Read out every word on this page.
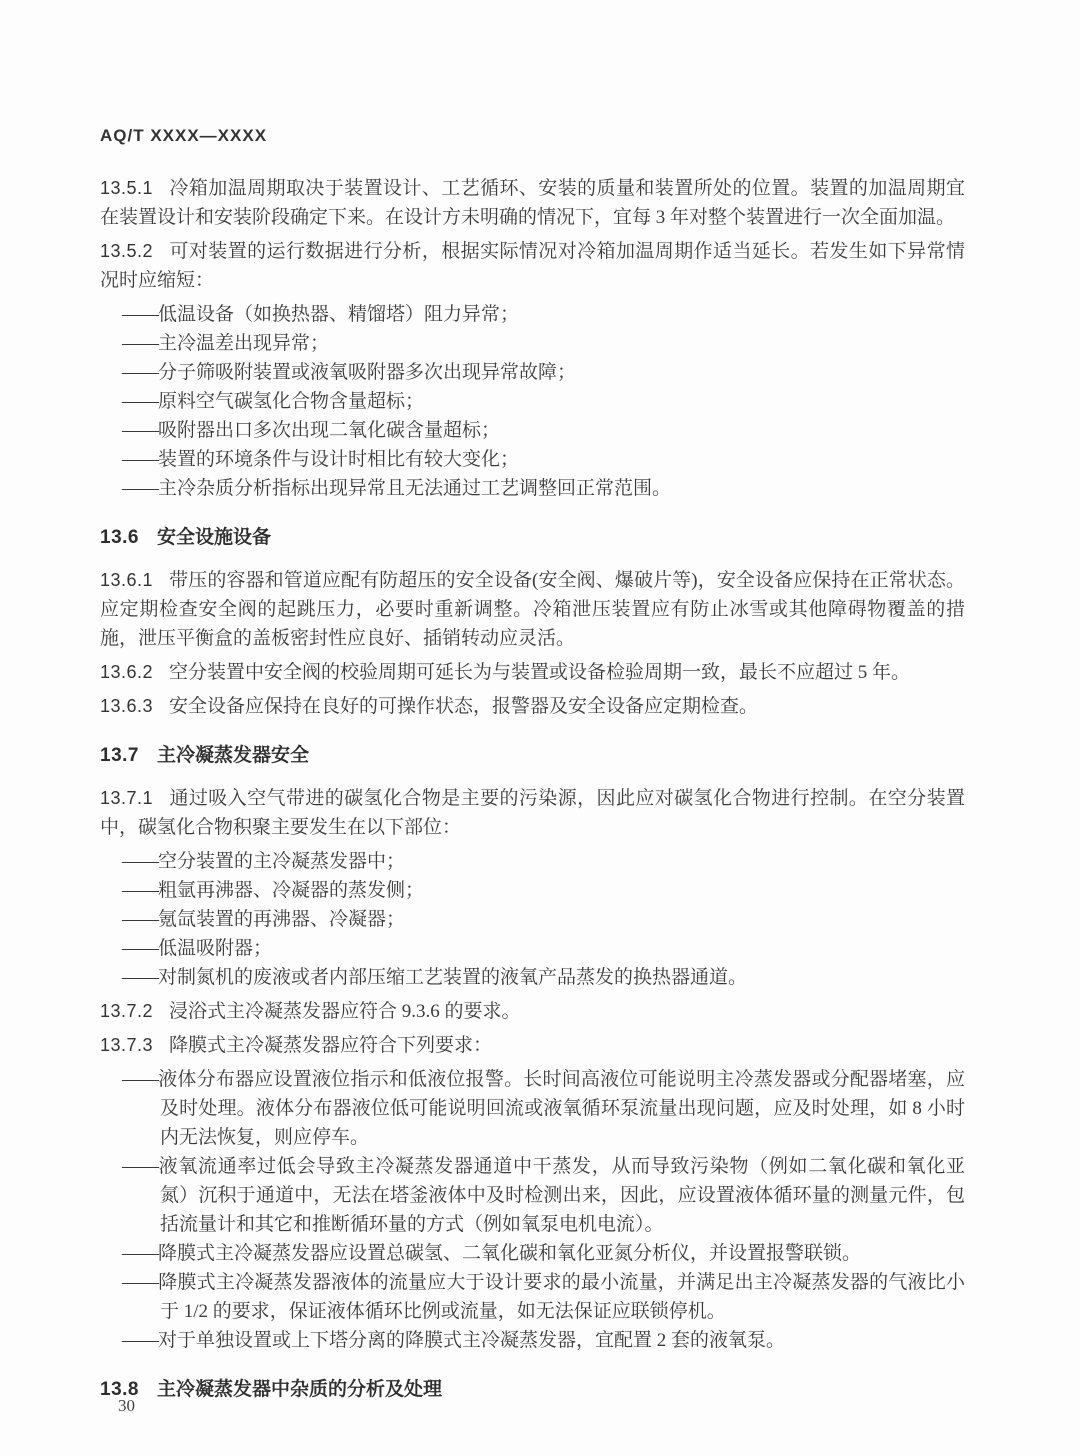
AQ/T XXXX—XXXX

13.5.1 冷箱加温周期取决于装置设计、工艺循环、安装的质量和装置所处的位置。装置的加温周期宜在装置设计和安装阶段确定下来。在设计方未明确的情况下，宜每 3 年对整个装置进行一次全面加温。

13.5.2 可对装置的运行数据进行分析，根据实际情况对冷箱加温周期作适当延长。若发生如下异常情况时应缩短：

——低温设备（如换热器、精馏塔）阻力异常；
——主冷温差出现异常；
——分子筛吸附装置或液氧吸附器多次出现异常故障；
——原料空气碳氢化合物含量超标；
——吸附器出口多次出现二氧化碳含量超标；
——装置的环境条件与设计时相比有较大变化；
——主冷杂质分析指标出现异常且无法通过工艺调整回正常范围。
13.6 安全设施设备

13.6.1 带压的容器和管道应配有防超压的安全设备(安全阀、爆破片等)，安全设备应保持在正常状态。应定期检查安全阀的起跳压力，必要时重新调整。冷箱泄压装置应有防止冰雪或其他障碍物覆盖的措施，泄压平衡盒的盖板密封性应良好、插销转动应灵活。

13.6.2 空分装置中安全阀的校验周期可延长为与装置或设备检验周期一致，最长不应超过 5 年。

13.6.3 安全设备应保持在良好的可操作状态，报警器及安全设备应定期检查。

13.7 主冷凝蒸发器安全

13.7.1 通过吸入空气带进的碳氢化合物是主要的污染源，因此应对碳氢化合物进行控制。在空分装置中，碳氢化合物积聚主要发生在以下部位：

——空分装置的主冷凝蒸发器中；
——粗氩再沸器、冷凝器的蒸发侧；
——氪氙装置的再沸器、冷凝器；
——低温吸附器；
——对制氮机的废液或者内部压缩工艺装置的液氧产品蒸发的换热器通道。

13.7.2 浸浴式主冷凝蒸发器应符合 9.3.6 的要求。

13.7.3 降膜式主冷凝蒸发器应符合下列要求：

——液体分布器应设置液位指示和低液位报警。长时间高液位可能说明主冷蒸发器或分配器堵塞，应及时处理。液体分布器液位低可能说明回流或液氧循环泵流量出现问题，应及时处理，如 8 小时内无法恢复，则应停车。
——液氧流通率过低会导致主冷凝蒸发器通道中干蒸发，从而导致污染物（例如二氧化碳和氧化亚氮）沉积于通道中，无法在塔釜液体中及时检测出来，因此，应设置液体循环量的测量元件，包括流量计和其它和推断循环量的方式（例如氧泵电机电流）。
——降膜式主冷凝蒸发器应设置总碳氢、二氧化碳和氧化亚氮分析仪，并设置报警联锁。
——降膜式主冷凝蒸发器液体的流量应大于设计要求的最小流量，并满足出主冷凝蒸发器的气液比小于 1/2 的要求，保证液体循环比例或流量，如无法保证应联锁停机。
——对于单独设置或上下塔分离的降膜式主冷凝蒸发器，宜配置 2 套的液氧泵。
13.8 主冷凝蒸发器中杂质的分析及处理
30
